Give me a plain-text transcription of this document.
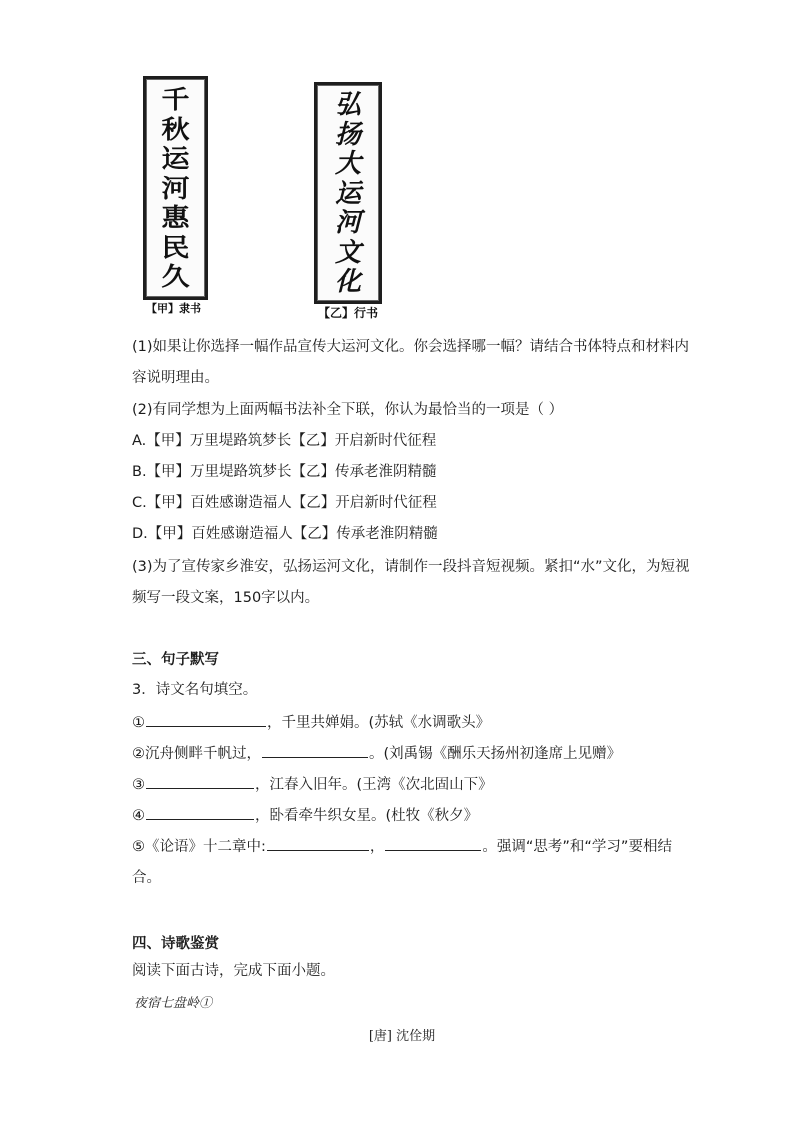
千
秋
运
河
惠
民
久
【甲】隶书
弘
扬
大
运
河
文
化
【乙】行书
(1)如果让你选择一幅作品宣传大运河文化。你会选择哪一幅？请结合书体特点和材料内
容说明理由。
(2)有同学想为上面两幅书法补全下联，你认为最恰当的一项是（ ）
A.【甲】万里堤路筑梦长【乙】开启新时代征程
B.【甲】万里堤路筑梦长【乙】传承老淮阴精髓
C.【甲】百姓感谢造福人【乙】开启新时代征程
D.【甲】百姓感谢造福人【乙】传承老淮阴精髓
(3)为了宣传家乡淮安，弘扬运河文化，请制作一段抖音短视频。紧扣“水”文化，为短视
频写一段文案，150字以内。
三、句子默写
3．诗文名句填空。
①	，千里共婵娟。(苏轼《水调歌头》
②沉舟侧畔千帆过，	。(刘禹锡《酬乐天扬州初逢席上见赠》
③	，江春入旧年。(王湾《次北固山下》
④	，卧看牵牛织女星。(杜牧《秋夕》
⑤《论语》十二章中:	，	。强调“思考”和“学习”要相结
合。
四、诗歌鉴赏
阅读下面古诗，完成下面小题。
夜宿七盘岭①
[唐] 沈佺期
